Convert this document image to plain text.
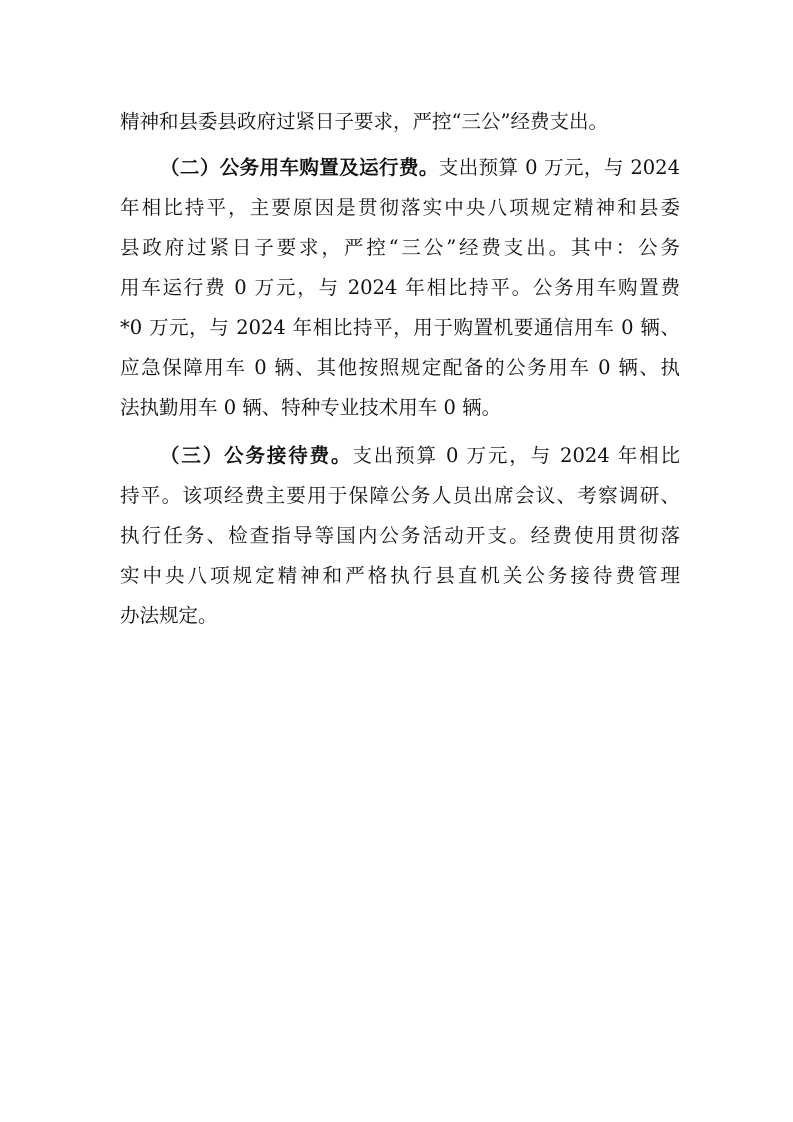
精神和县委县政府过紧日子要求，严控“三公”经费支出。
（二）公务用车购置及运行费。支出预算 0 万元，与 2024
年相比持平，主要原因是贯彻落实中央八项规定精神和县委
县政府过紧日子要求，严控“三公”经费支出。其中：公务
用车运行费 0 万元，与 2024 年相比持平。公务用车购置费
*0 万元，与 2024 年相比持平，用于购置机要通信用车 0 辆、
应急保障用车 0 辆、其他按照规定配备的公务用车 0 辆、执
法执勤用车 0 辆、特种专业技术用车 0 辆。
（三）公务接待费。支出预算 0 万元，与 2024 年相比
持平。该项经费主要用于保障公务人员出席会议、考察调研、
执行任务、检查指导等国内公务活动开支。经费使用贯彻落
实中央八项规定精神和严格执行县直机关公务接待费管理
办法规定。
